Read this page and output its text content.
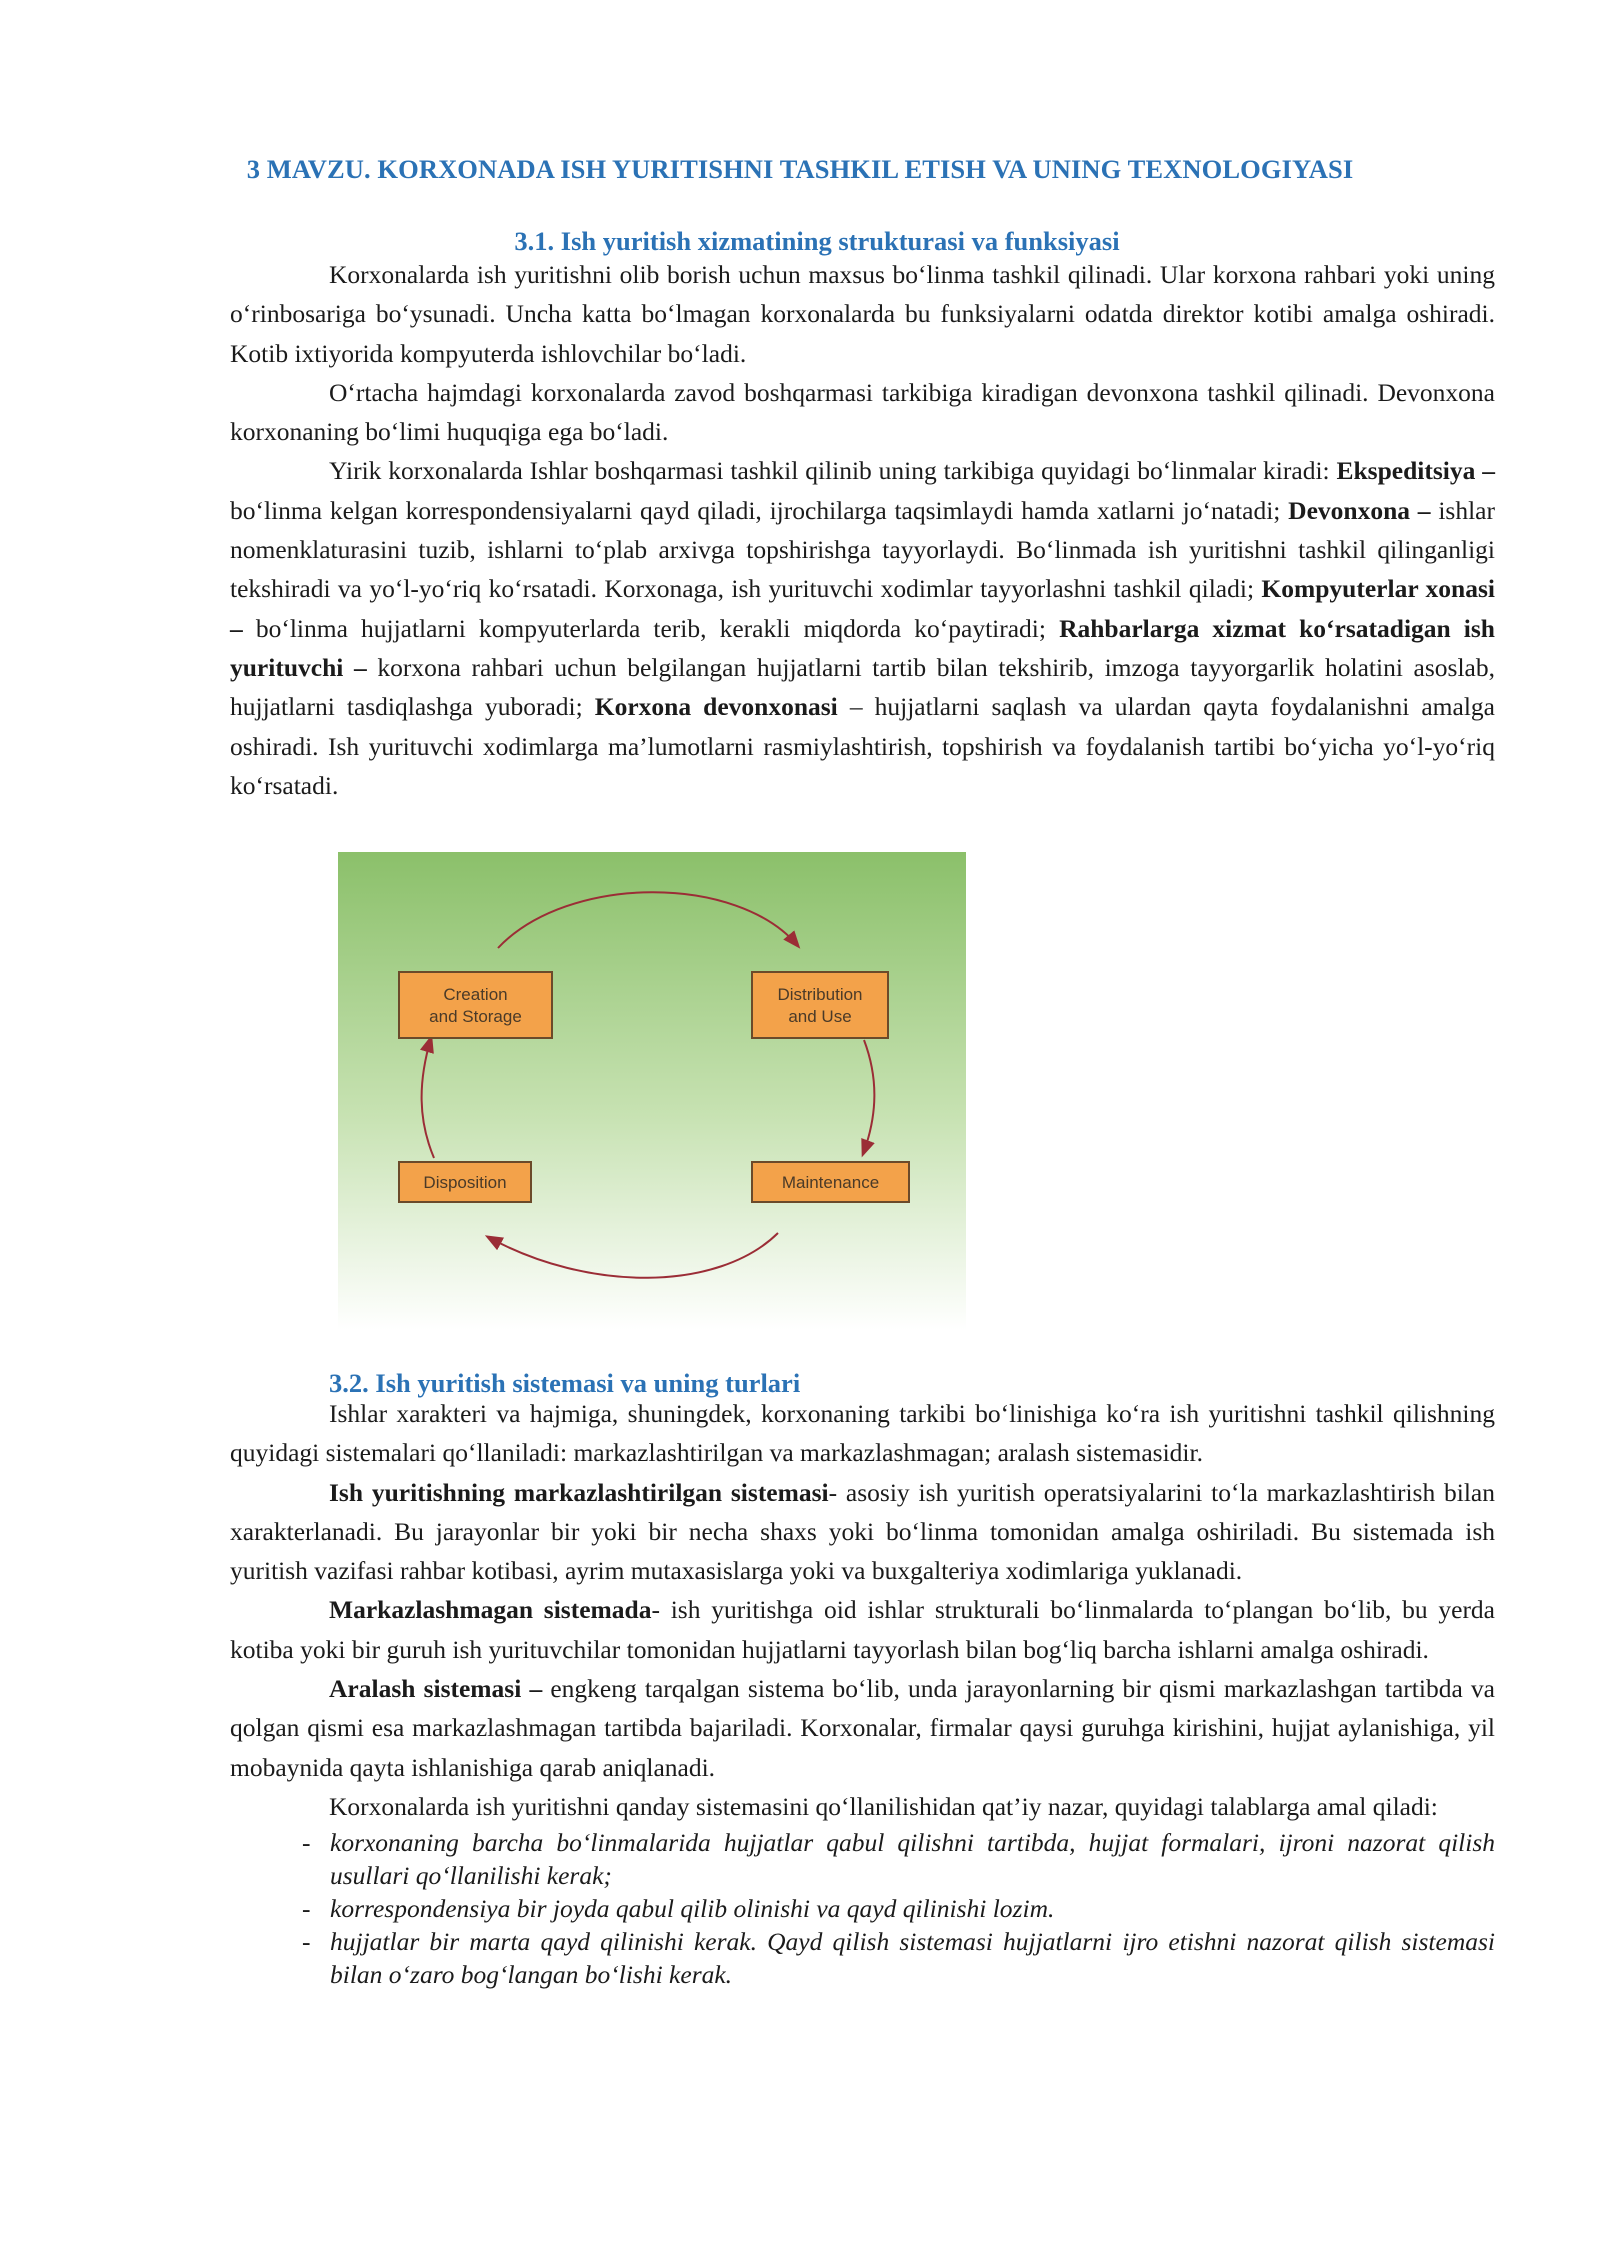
3 MAVZU. KORXONADA ISH YURITISHNI TASHKIL ETISH VA UNING TEXNOLOGIYASI
3.1. Ish yuritish xizmatining strukturasi va funksiyasi

Korxonalarda ish yuritishni olib borish uchun maxsus bo‘linma tashkil qilinadi. Ular korxona rahbari yoki uning o‘rinbosariga bo‘ysunadi. Uncha katta bo‘lmagan korxonalarda bu funksiyalarni odatda direktor kotibi amalga oshiradi. Kotib ixtiyorida kompyuterda ishlovchilar bo‘ladi.

O‘rtacha hajmdagi korxonalarda zavod boshqarmasi tarkibiga kiradigan devonxona tashkil qilinadi. Devonxona korxonaning bo‘limi huquqiga ega bo‘ladi.

Yirik korxonalarda Ishlar boshqarmasi tashkil qilinib uning tarkibiga quyidagi bo‘linmalar kiradi: Ekspeditsiya – bo‘linma kelgan korrespondensiyalarni qayd qiladi, ijrochilarga taqsimlaydi hamda xatlarni jo‘natadi; Devonxona – ishlar nomenklaturasini tuzib, ishlarni to‘plab arxivga topshirishga tayyorlaydi. Bo‘linmada ish yuritishni tashkil qilinganligi tekshiradi va yo‘l-yo‘riq ko‘rsatadi. Korxonaga, ish yurituvchi xodimlar tayyorlashni tashkil qiladi; Kompyuterlar xonasi – bo‘linma hujjatlarni kompyuterlarda terib, kerakli miqdorda ko‘paytiradi; Rahbarlarga xizmat ko‘rsatadigan ish yurituvchi – korxona rahbari uchun belgilangan hujjatlarni tartib bilan tekshirib, imzoga tayyorgarlik holatini asoslab, hujjatlarni tasdiqlashga yuboradi; Korxona devonxonasi – hujjatlarni saqlash va ulardan qayta foydalanishni amalga oshiradi. Ish yurituvchi xodimlarga ma’lumotlarni rasmiylashtirish, topshirish va foydalanish tartibi bo‘yicha yo‘l-yo‘riq ko‘rsatadi.

Creation
and Storage
Distribution
and Use
Maintenance
Disposition
3.2. Ish yuritish sistemasi va uning turlari

Ishlar xarakteri va hajmiga, shuningdek, korxonaning tarkibi bo‘linishiga ko‘ra ish yuritishni tashkil qilishning quyidagi sistemalari qo‘llaniladi: markazlashtirilgan va markazlashmagan; aralash sistemasidir.

Ish yuritishning markazlashtirilgan sistemasi- asosiy ish yuritish operatsiyalarini to‘la markazlashtirish bilan xarakterlanadi. Bu jarayonlar bir yoki bir necha shaxs yoki bo‘linma tomonidan amalga oshiriladi. Bu sistemada ish yuritish vazifasi rahbar kotibasi, ayrim mutaxasislarga yoki va buxgalteriya xodimlariga yuklanadi.

Markazlashmagan sistemada- ish yuritishga oid ishlar strukturali bo‘linmalarda to‘plangan bo‘lib, bu yerda kotiba yoki bir guruh ish yurituvchilar tomonidan hujjatlarni tayyorlash bilan bog‘liq barcha ishlarni amalga oshiradi.

Aralash sistemasi – engkeng tarqalgan sistema bo‘lib, unda jarayonlarning bir qismi markazlashgan tartibda va qolgan qismi esa markazlashmagan tartibda bajariladi. Korxonalar, firmalar qaysi guruhga kirishini, hujjat aylanishiga, yil mobaynida qayta ishlanishiga qarab aniqlanadi.

Korxonalarda ish yuritishni qanday sistemasini qo‘llanilishidan qat’iy nazar, quyidagi talablarga amal qiladi:

- korxonaning barcha bo‘linmalarida hujjatlar qabul qilishni tartibda, hujjat formalari, ijroni nazorat qilish usullari qo‘llanilishi kerak;
- korrespondensiya bir joyda qabul qilib olinishi va qayd qilinishi lozim.
- hujjatlar bir marta qayd qilinishi kerak. Qayd qilish sistemasi hujjatlarni ijro etishni nazorat qilish sistemasi bilan o‘zaro bog‘langan bo‘lishi kerak.
